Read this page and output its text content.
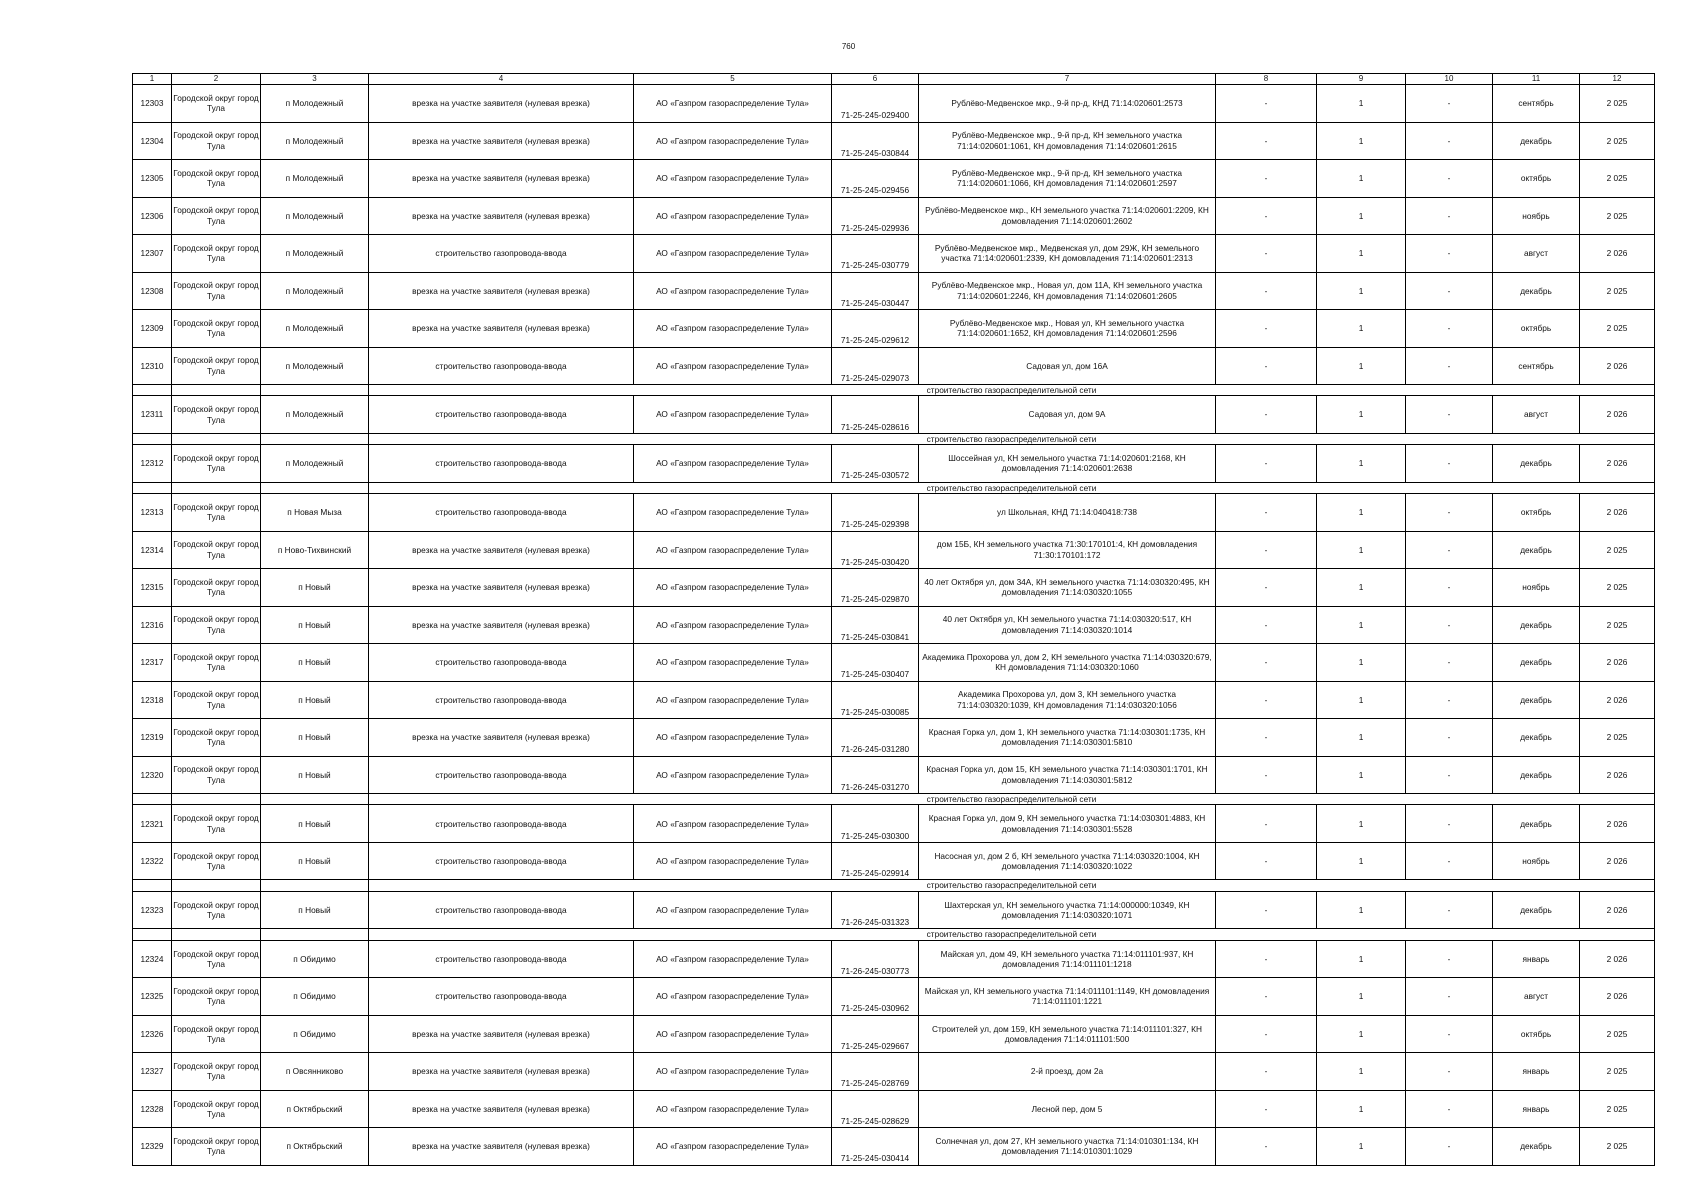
760
1	2	3	4	5	6	7	8	9	10	11	12
12303	Городской округ город Тула	п Молодежный	врезка на участке заявителя (нулевая врезка)	АО «Газпром газораспределение Тула»	71-25-245-029400	Рублёво-Медвенское мкр., 9-й пр-д, КНД 71:14:020601:2573	-	1	-	сентябрь	2 025
12304	Городской округ город Тула	п Молодежный	врезка на участке заявителя (нулевая врезка)	АО «Газпром газораспределение Тула»	71-25-245-030844	Рублёво-Медвенское мкр., 9-й пр-д, КН земельного участка 71:14:020601:1061, КН домовладения 71:14:020601:2615	-	1	-	декабрь	2 025
12305	Городской округ город Тула	п Молодежный	врезка на участке заявителя (нулевая врезка)	АО «Газпром газораспределение Тула»	71-25-245-029456	Рублёво-Медвенское мкр., 9-й пр-д, КН земельного участка 71:14:020601:1066, КН домовладения 71:14:020601:2597	-	1	-	октябрь	2 025
12306	Городской округ город Тула	п Молодежный	врезка на участке заявителя (нулевая врезка)	АО «Газпром газораспределение Тула»	71-25-245-029936	Рублёво-Медвенское мкр., КН земельного участка 71:14:020601:2209, КН домовладения 71:14:020601:2602	-	1	-	ноябрь	2 025
12307	Городской округ город Тула	п Молодежный	строительство газопровода-ввода	АО «Газпром газораспределение Тула»	71-25-245-030779	Рублёво-Медвенское мкр., Медвенская ул, дом 29Ж, КН земельного участка 71:14:020601:2339, КН домовладения 71:14:020601:2313	-	1	-	август	2 026
12308	Городской округ город Тула	п Молодежный	врезка на участке заявителя (нулевая врезка)	АО «Газпром газораспределение Тула»	71-25-245-030447	Рублёво-Медвенское мкр., Новая ул, дом 11А, КН земельного участка 71:14:020601:2246, КН домовладения 71:14:020601:2605	-	1	-	декабрь	2 025
12309	Городской округ город Тула	п Молодежный	врезка на участке заявителя (нулевая врезка)	АО «Газпром газораспределение Тула»	71-25-245-029612	Рублёво-Медвенское мкр., Новая ул, КН земельного участка 71:14:020601:1652, КН домовладения 71:14:020601:2596	-	1	-	октябрь	2 025
12310	Городской округ город Тула	п Молодежный	строительство газопровода-ввода	АО «Газпром газораспределение Тула»	71-25-245-029073	Садовая ул, дом 16А	-	1	-	сентябрь	2 026
			строительство газораспределительной сети								
12311	Городской округ город Тула	п Молодежный	строительство газопровода-ввода	АО «Газпром газораспределение Тула»	71-25-245-028616	Садовая ул, дом 9А	-	1	-	август	2 026
			строительство газораспределительной сети								
12312	Городской округ город Тула	п Молодежный	строительство газопровода-ввода	АО «Газпром газораспределение Тула»	71-25-245-030572	Шоссейная ул, КН земельного участка 71:14:020601:2168, КН домовладения 71:14:020601:2638	-	1	-	декабрь	2 026
			строительство газораспределительной сети								
12313	Городской округ город Тула	п Новая Мыза	строительство газопровода-ввода	АО «Газпром газораспределение Тула»	71-25-245-029398	ул Школьная, КНД 71:14:040418:738	-	1	-	октябрь	2 026
12314	Городской округ город Тула	п Ново-Тихвинский	врезка на участке заявителя (нулевая врезка)	АО «Газпром газораспределение Тула»	71-25-245-030420	дом 15Б, КН земельного участка 71:30:170101:4, КН домовладения 71:30:170101:172	-	1	-	декабрь	2 025
12315	Городской округ город Тула	п Новый	врезка на участке заявителя (нулевая врезка)	АО «Газпром газораспределение Тула»	71-25-245-029870	40 лет Октября ул, дом 34А, КН земельного участка 71:14:030320:495, КН домовладения 71:14:030320:1055	-	1	-	ноябрь	2 025
12316	Городской округ город Тула	п Новый	врезка на участке заявителя (нулевая врезка)	АО «Газпром газораспределение Тула»	71-25-245-030841	40 лет Октября ул, КН земельного участка 71:14:030320:517, КН домовладения 71:14:030320:1014	-	1	-	декабрь	2 025
12317	Городской округ город Тула	п Новый	строительство газопровода-ввода	АО «Газпром газораспределение Тула»	71-25-245-030407	Академика Прохорова ул, дом 2, КН земельного участка 71:14:030320:679, КН домовладения 71:14:030320:1060	-	1	-	декабрь	2 026
12318	Городской округ город Тула	п Новый	строительство газопровода-ввода	АО «Газпром газораспределение Тула»	71-25-245-030085	Академика Прохорова ул, дом 3, КН земельного участка 71:14:030320:1039, КН домовладения 71:14:030320:1056	-	1	-	декабрь	2 026
12319	Городской округ город Тула	п Новый	врезка на участке заявителя (нулевая врезка)	АО «Газпром газораспределение Тула»	71-26-245-031280	Красная Горка ул, дом 1, КН земельного участка 71:14:030301:1735, КН домовладения 71:14:030301:5810	-	1	-	декабрь	2 025
12320	Городской округ город Тула	п Новый	строительство газопровода-ввода	АО «Газпром газораспределение Тула»	71-26-245-031270	Красная Горка ул, дом 15, КН земельного участка 71:14:030301:1701, КН домовладения 71:14:030301:5812	-	1	-	декабрь	2 026
			строительство газораспределительной сети								
12321	Городской округ город Тула	п Новый	строительство газопровода-ввода	АО «Газпром газораспределение Тула»	71-25-245-030300	Красная Горка ул, дом 9, КН земельного участка 71:14:030301:4883, КН домовладения 71:14:030301:5528	-	1	-	декабрь	2 026
12322	Городской округ город Тула	п Новый	строительство газопровода-ввода	АО «Газпром газораспределение Тула»	71-25-245-029914	Насосная ул, дом 2 б, КН земельного участка 71:14:030320:1004, КН домовладения 71:14:030320:1022	-	1	-	ноябрь	2 026
			строительство газораспределительной сети								
12323	Городской округ город Тула	п Новый	строительство газопровода-ввода	АО «Газпром газораспределение Тула»	71-26-245-031323	Шахтерская ул, КН земельного участка 71:14:000000:10349, КН домовладения 71:14:030320:1071	-	1	-	декабрь	2 026
			строительство газораспределительной сети								
12324	Городской округ город Тула	п Обидимо	строительство газопровода-ввода	АО «Газпром газораспределение Тула»	71-26-245-030773	Майская ул, дом 49, КН земельного участка 71:14:011101:937, КН домовладения 71:14:011101:1218	-	1	-	январь	2 026
12325	Городской округ город Тула	п Обидимо	строительство газопровода-ввода	АО «Газпром газораспределение Тула»	71-25-245-030962	Майская ул, КН земельного участка 71:14:011101:1149, КН домовладения 71:14:011101:1221	-	1	-	август	2 026
12326	Городской округ город Тула	п Обидимо	врезка на участке заявителя (нулевая врезка)	АО «Газпром газораспределение Тула»	71-25-245-029667	Строителей ул, дом 159, КН земельного участка 71:14:011101:327, КН домовладения 71:14:011101:500	-	1	-	октябрь	2 025
12327	Городской округ город Тула	п Овсянниково	врезка на участке заявителя (нулевая врезка)	АО «Газпром газораспределение Тула»	71-25-245-028769	2-й проезд, дом 2а	-	1	-	январь	2 025
12328	Городской округ город Тула	п Октябрьский	врезка на участке заявителя (нулевая врезка)	АО «Газпром газораспределение Тула»	71-25-245-028629	Лесной пер, дом 5	-	1	-	январь	2 025
12329	Городской округ город Тула	п Октябрьский	врезка на участке заявителя (нулевая врезка)	АО «Газпром газораспределение Тула»	71-25-245-030414	Солнечная ул, дом 27, КН земельного участка 71:14:010301:134, КН домовладения 71:14:010301:1029	-	1	-	декабрь	2 025
